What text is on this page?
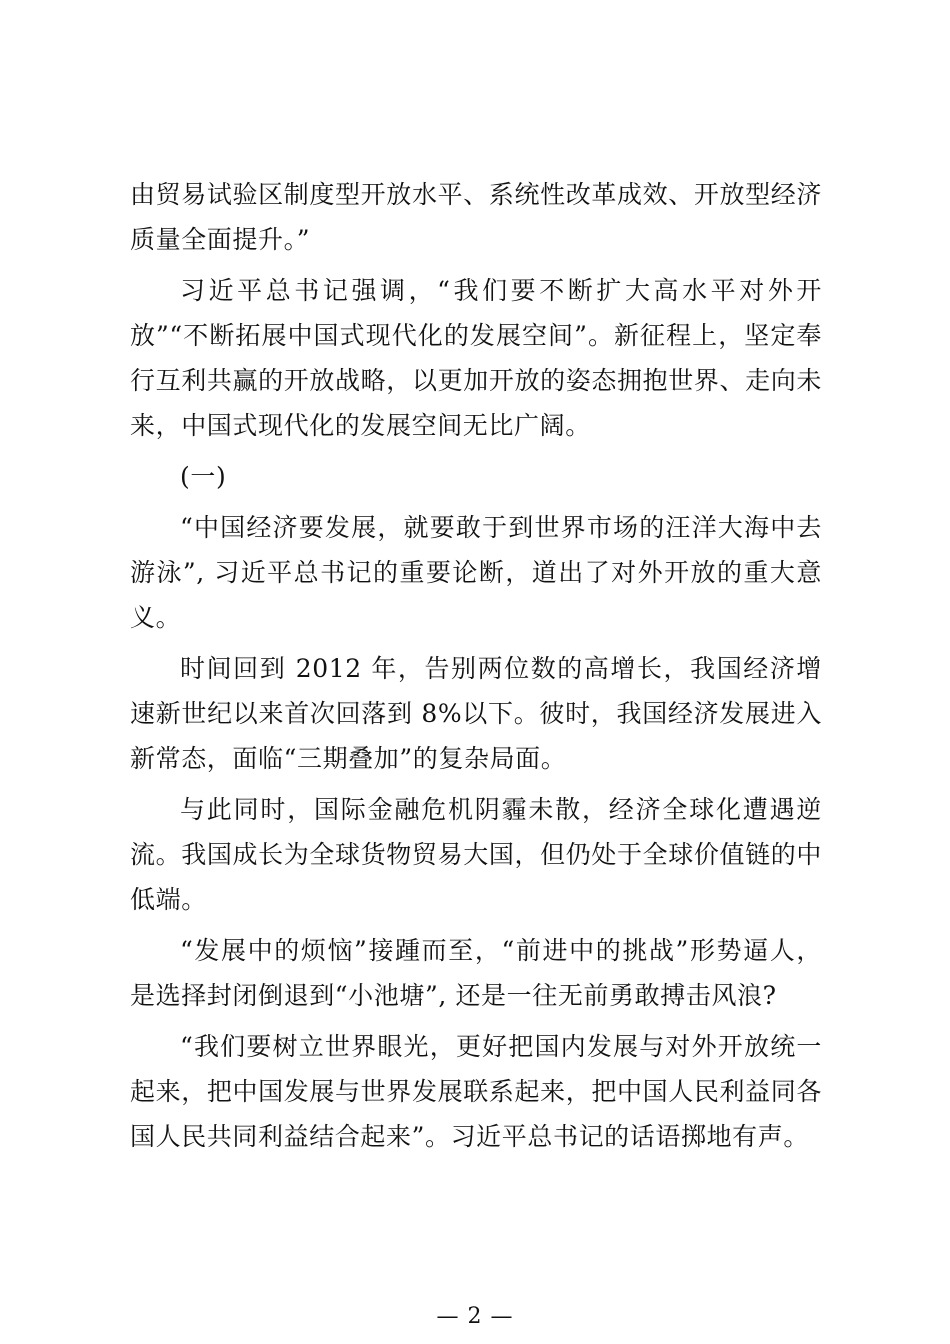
由贸易试验区制度型开放水平、系统性改革成效、开放型经济质量全面提升。”

习近平总书记强调，“我们要不断扩大高水平对外开放”“不断拓展中国式现代化的发展空间”。新征程上，坚定奉行互利共赢的开放战略，以更加开放的姿态拥抱世界、走向未来，中国式现代化的发展空间无比广阔。

(一)

“中国经济要发展，就要敢于到世界市场的汪洋大海中去游泳”, 习近平总书记的重要论断，道出了对外开放的重大意义。

时间回到 2012 年，告别两位数的高增长，我国经济增速新世纪以来首次回落到 8%以下。彼时，我国经济发展进入新常态，面临“三期叠加”的复杂局面。

与此同时，国际金融危机阴霾未散，经济全球化遭遇逆流。我国成长为全球货物贸易大国，但仍处于全球价值链的中低端。

“发展中的烦恼”接踵而至，“前进中的挑战”形势逼人，是选择封闭倒退到“小池塘”, 还是一往无前勇敢搏击风浪?

“我们要树立世界眼光，更好把国内发展与对外开放统一起来，把中国发展与世界发展联系起来，把中国人民利益同各国人民共同利益结合起来”。习近平总书记的话语掷地有声。

— 2 —
